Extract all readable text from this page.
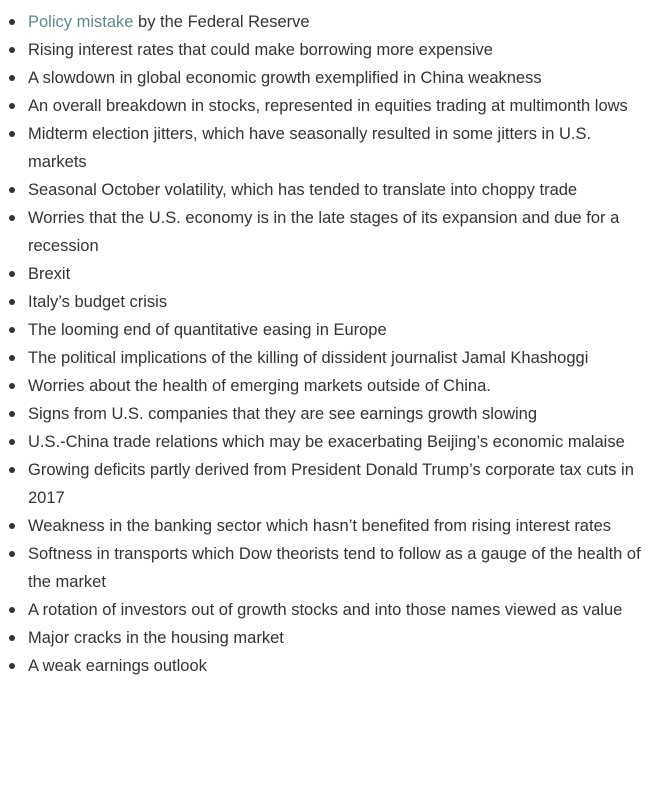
Policy mistake by the Federal Reserve
Rising interest rates that could make borrowing more expensive
A slowdown in global economic growth exemplified in China weakness
An overall breakdown in stocks, represented in equities trading at multimonth lows
Midterm election jitters, which have seasonally resulted in some jitters in U.S. markets
Seasonal October volatility, which has tended to translate into choppy trade
Worries that the U.S. economy is in the late stages of its expansion and due for a recession
Brexit
Italy’s budget crisis
The looming end of quantitative easing in Europe
The political implications of the killing of dissident journalist Jamal Khashoggi
Worries about the health of emerging markets outside of China.
Signs from U.S. companies that they are see earnings growth slowing
U.S.-China trade relations which may be exacerbating Beijing’s economic malaise
Growing deficits partly derived from President Donald Trump’s corporate tax cuts in 2017
Weakness in the banking sector which hasn’t benefited from rising interest rates
Softness in transports which Dow theorists tend to follow as a gauge of the health of the market
A rotation of investors out of growth stocks and into those names viewed as value
Major cracks in the housing market
A weak earnings outlook
